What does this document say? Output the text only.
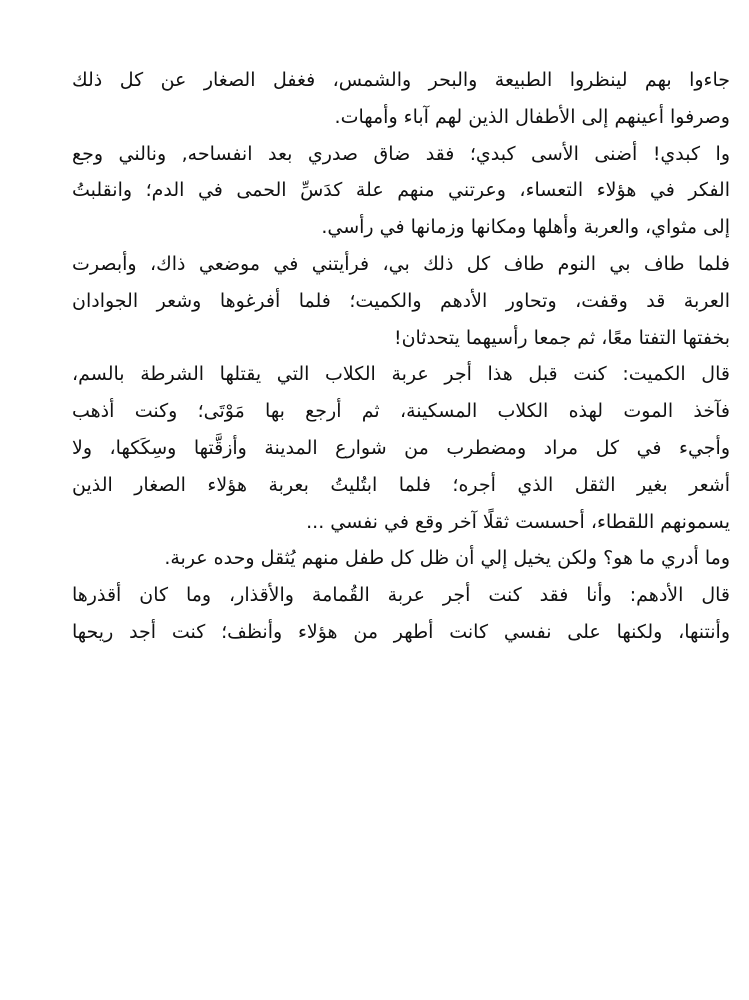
جاءوا بهم لينظروا الطبيعة والبحر والشمس، فغفل الصغار عن كل ذلك
وصرفوا أعينهم إلى الأطفال الذين لهم آباء وأمهات.
وا كبدي! أضنى الأسى كبدي؛ فقد ضاق صدري بعد انفساحه, ونالني وجع
الفكر في هؤلاء التعساء، وعرتني منهم علة كدَسِّ الحمى في الدم؛ وانقلبتُ
إلى مثواي، والعربة وأهلها ومكانها وزمانها في رأسي.
فلما طاف بي النوم طاف كل ذلك بي، فرأيتني في موضعي ذاك، وأبصرت
العربة قد وقفت، وتحاور الأدهم والكميت؛ فلما أفرغوها وشعر الجوادان
بخفتها التفتا معًا، ثم جمعا رأسيهما يتحدثان!
قال الكميت: كنت قبل هذا أجر عربة الكلاب التي يقتلها الشرطة بالسم،
فآخذ الموت لهذه الكلاب المسكينة، ثم أرجع بها مَوْتَى؛ وكنت أذهب
وأجيء في كل مراد ومضطرب من شوارع المدينة وأزقَّتها وسِكَكها، ولا
أشعر بغير الثقل الذي أجره؛ فلما ابتُليتُ بعربة هؤلاء الصغار الذين
يسمونهم اللقطاء، أحسست ثقلًا آخر وقع في نفسي ...
وما أدري ما هو؟ ولكن يخيل إلي أن ظل كل طفل منهم يُثقل وحده عربة.
قال الأدهم: وأنا فقد كنت أجر عربة القُمامة والأقذار، وما كان أقذرها
وأنتنها، ولكنها على نفسي كانت أطهر من هؤلاء وأنظف؛ كنت أجد ريحها
